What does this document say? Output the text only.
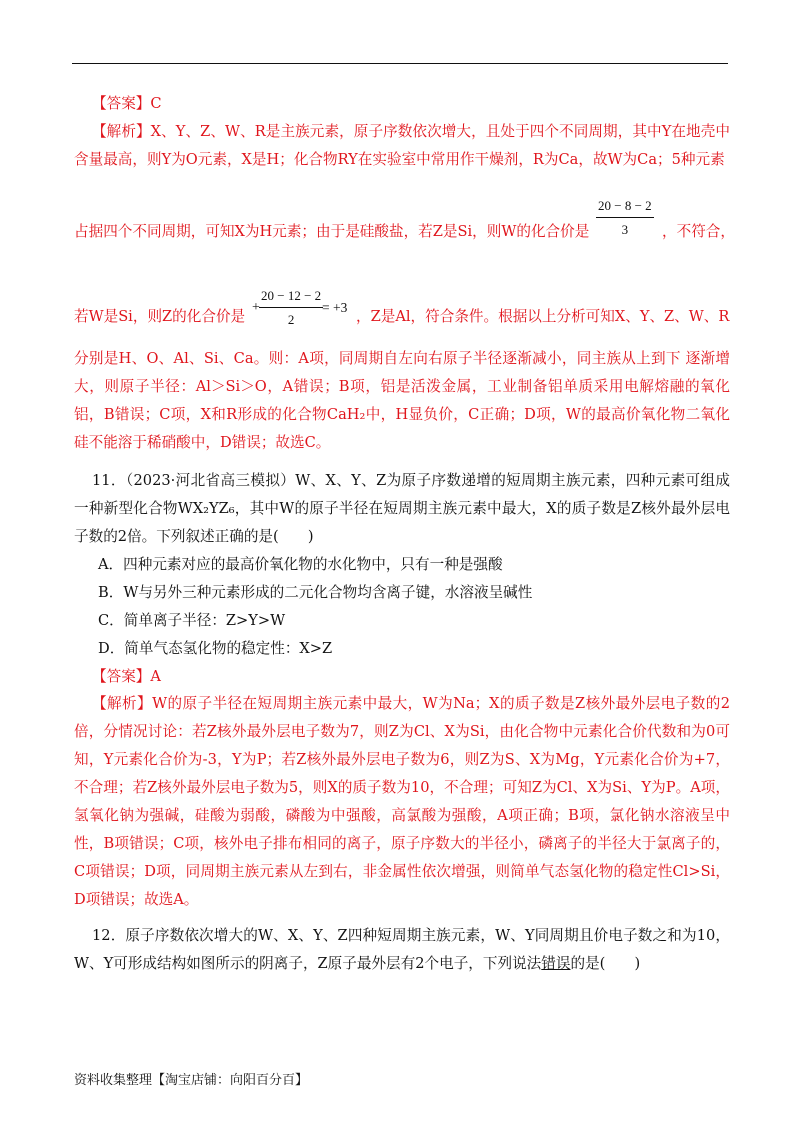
【答案】C
【解析】X、Y、Z、W、R是主族元素，原子序数依次增大，且处于四个不同周期，其中Y在地壳中含量最高，则Y为O元素，X是H；化合物RY在实验室中常用作干燥剂，R为Ca，故W为Ca；5种元素
占据四个不同周期，可知X为H元素；由于是硅酸盐，若Z是Si，则W的化合价是
20 − 8 − 2
3	，不符合，
若W是Si，则Z的化合价是
+
20 − 12 − 2
2
= +3
，Z是Al，符合条件。根据以上分析可知X、Y、Z、W、R
分别是H、O、Al、Si、Ca。则：A项，同周期自左向右原子半径逐渐减小，同主族从上到下 逐渐增大，则原子半径：Al＞Si＞O，A错误；B项，铝是活泼金属，工业制备铝单质采用电解熔融的氧化铝，B错误；C项，X和R形成的化合物CaH₂中，H显负价，C正确；D项，W的最高价氧化物二氧化硅不能溶于稀硝酸中，D错误；故选C。
11．（2023·河北省高三模拟）W、X、Y、Z为原子序数递增的短周期主族元素，四种元素可组成一种新型化合物WX₂YZ₆，其中W的原子半径在短周期主族元素中最大，X的质子数是Z核外最外层电子数的2倍。下列叙述正确的是(　　)
A．四种元素对应的最高价氧化物的水化物中，只有一种是强酸
B．W与另外三种元素形成的二元化合物均含离子键，水溶液呈碱性
C．简单离子半径：Z>Y>W
D．简单气态氢化物的稳定性：X>Z
【答案】A
【解析】W的原子半径在短周期主族元素中最大，W为Na；X的质子数是Z核外最外层电子数的2倍，分情况讨论：若Z核外最外层电子数为7，则Z为Cl、X为Si，由化合物中元素化合价代数和为0可知，Y元素化合价为-3，Y为P；若Z核外最外层电子数为6，则Z为S、X为Mg，Y元素化合价为+7，不合理；若Z核外最外层电子数为5，则X的质子数为10，不合理；可知Z为Cl、X为Si、Y为P。A项，氢氧化钠为强碱，硅酸为弱酸，磷酸为中强酸，高氯酸为强酸，A项正确；B项，氯化钠水溶液呈中性，B项错误；C项，核外电子排布相同的离子，原子序数大的半径小，磷离子的半径大于氯离子的，C项错误；D项，同周期主族元素从左到右，非金属性依次增强，则简单气态氢化物的稳定性Cl>Si，D项错误；故选A。
12．原子序数依次增大的W、X、Y、Z四种短周期主族元素，W、Y同周期且价电子数之和为10，W、Y可形成结构如图所示的阴离子，Z原子最外层有2个电子，下列说法错误的是(　　)
资料收集整理【淘宝店铺：向阳百分百】
